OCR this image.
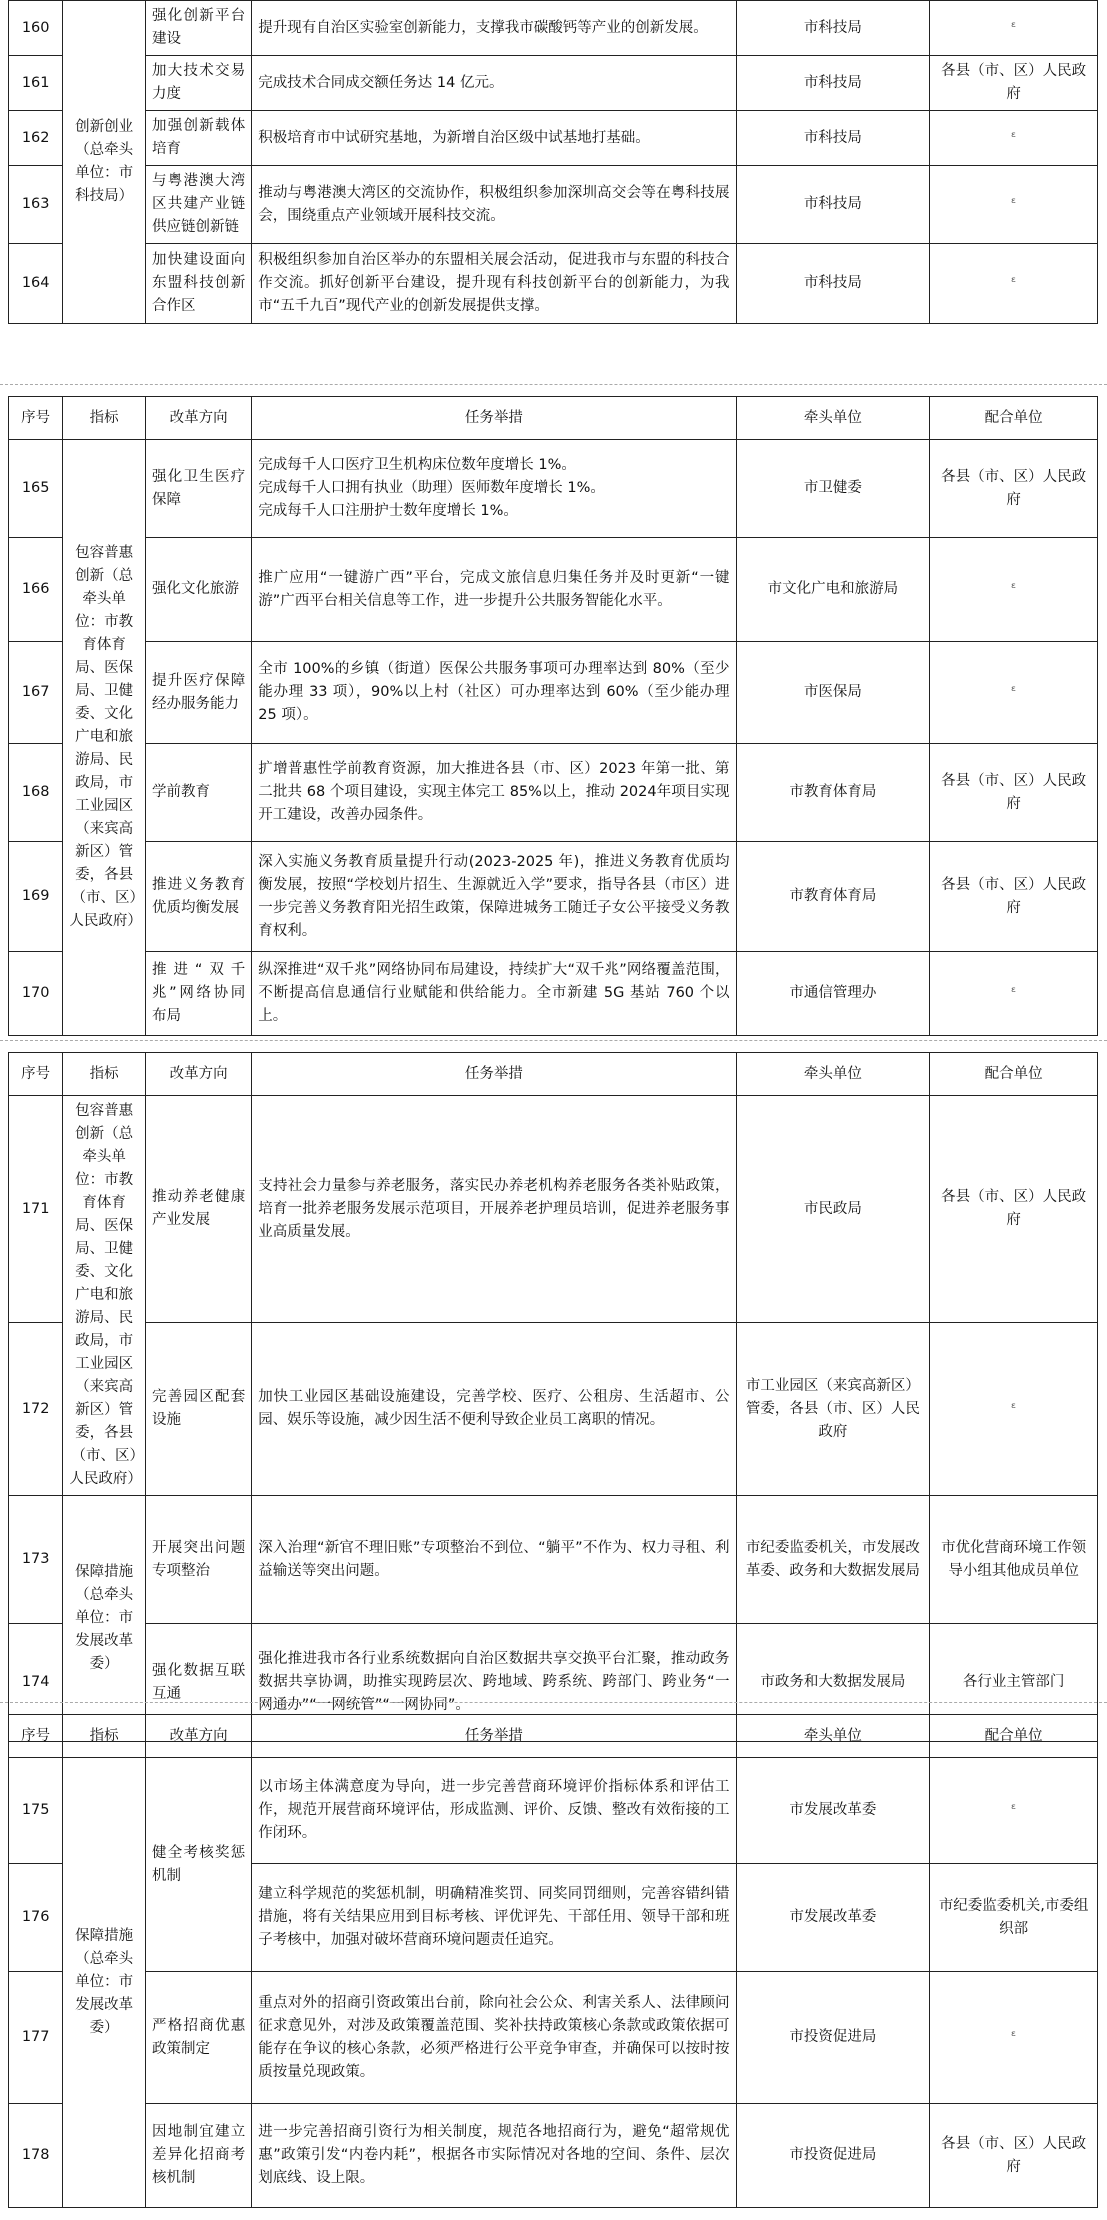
160	创新创业（总牵头单位：市科技局）	强化创新平台建设	提升现有自治区实验室创新能力，支撑我市碳酸钙等产业的创新发展。	市科技局	ᵋ
161		加大技术交易力度	完成技术合同成交额任务达 14 亿元。	市科技局	各县（市、区）人民政府
162		加强创新载体培育	积极培育市中试研究基地，为新增自治区级中试基地打基础。	市科技局	ᵋ
163		与粤港澳大湾区共建产业链供应链创新链	推动与粤港澳大湾区的交流协作，积极组织参加深圳高交会等在粤科技展会，围绕重点产业领域开展科技交流。	市科技局	ᵋ
164		加快建设面向东盟科技创新合作区	积极组织参加自治区举办的东盟相关展会活动，促进我市与东盟的科技合作交流。抓好创新平台建设，提升现有科技创新平台的创新能力，为我市“五千九百”现代产业的创新发展提供支撑。	市科技局	ᵋ
序号	指标	改革方向	任务举措	牵头单位	配合单位
165	包容普惠创新（总牵头单位：市教育体育局、医保局、卫健委、文化广电和旅游局、民政局，市工业园区（来宾高新区）管委，各县（市、区）人民政府）	强化卫生医疗保障	完成每千人口医疗卫生机构床位数年度增长 1%。
完成每千人口拥有执业（助理）医师数年度增长 1%。
完成每千人口注册护士数年度增长 1%。	市卫健委	各县（市、区）人民政府
166		强化文化旅游	推广应用“一键游广西”平台，完成文旅信息归集任务并及时更新“一键游”广西平台相关信息等工作，进一步提升公共服务智能化水平。	市文化广电和旅游局	ᵋ
167		提升医疗保障经办服务能力	全市 100%的乡镇（街道）医保公共服务事项可办理率达到 80%（至少能办理 33 项），90%以上村（社区）可办理率达到 60%（至少能办理 25 项）。	市医保局	ᵋ
168		学前教育	扩增普惠性学前教育资源，加大推进各县（市、区）2023 年第一批、第二批共 68 个项目建设，实现主体完工 85%以上，推动 2024年项目实现开工建设，改善办园条件。	市教育体育局	各县（市、区）人民政府
169		推进义务教育优质均衡发展	深入实施义务教育质量提升行动(2023-2025 年)，推进义务教育优质均衡发展，按照“学校划片招生、生源就近入学”要求，指导各县（市区）进一步完善义务教育阳光招生政策，保障进城务工随迁子女公平接受义务教育权利。	市教育体育局	各县（市、区）人民政府
170		推进“双千兆”网络协同布局	纵深推进“双千兆”网络协同布局建设，持续扩大“双千兆”网络覆盖范围，不断提高信息通信行业赋能和供给能力。全市新建 5G 基站 760 个以上。	市通信管理办	ᵋ
序号	指标	改革方向	任务举措	牵头单位	配合单位
171	包容普惠创新（总牵头单位：市教育体育局、医保局、卫健委、文化广电和旅游局、民政局，市工业园区（来宾高新区）管委，各县（市、区）人民政府）	推动养老健康产业发展	支持社会力量参与养老服务，落实民办养老机构养老服务各类补贴政策，培育一批养老服务发展示范项目，开展养老护理员培训，促进养老服务事业高质量发展。	市民政局	各县（市、区）人民政府
172		完善园区配套设施	加快工业园区基础设施建设，完善学校、医疗、公租房、生活超市、公园、娱乐等设施，减少因生活不便利导致企业员工离职的情况。	市工业园区（来宾高新区）管委，各县（市、区）人民政府	ᵋ
173	保障措施（总牵头单位：市发展改革委）	开展突出问题专项整治	深入治理“新官不理旧账”专项整治不到位、“躺平”不作为、权力寻租、利益输送等突出问题。	市纪委监委机关，市发展改革委、政务和大数据发展局	市优化营商环境工作领导小组其他成员单位
174		强化数据互联互通	强化推进我市各行业系统数据向自治区数据共享交换平台汇聚，推动政务数据共享协调，助推实现跨层次、跨地域、跨系统、跨部门、跨业务“一网通办”“一网统管”“一网协同”。	市政务和大数据发展局	各行业主管部门
序号	指标	改革方向	任务举措	牵头单位	配合单位
175	保障措施（总牵头单位：市发展改革委）	健全考核奖惩机制	以市场主体满意度为导向，进一步完善营商环境评价指标体系和评估工作，规范开展营商环境评估，形成监测、评价、反馈、整改有效衔接的工作闭环。	市发展改革委	ᵋ
176			建立科学规范的奖惩机制，明确精准奖罚、同奖同罚细则，完善容错纠错措施，将有关结果应用到目标考核、评优评先、干部任用、领导干部和班子考核中，加强对破坏营商环境问题责任追究。	市发展改革委	市纪委监委机关,市委组织部
177		严格招商优惠政策制定	重点对外的招商引资政策出台前，除向社会公众、利害关系人、法律顾问征求意见外，对涉及政策覆盖范围、奖补扶持政策核心条款或政策依据可能存在争议的核心条款，必须严格进行公平竞争审查，并确保可以按时按质按量兑现政策。	市投资促进局	ᵋ
178		因地制宜建立差异化招商考核机制	进一步完善招商引资行为相关制度，规范各地招商行为，避免“超常规优惠”政策引发“内卷内耗”，根据各市实际情况对各地的空间、条件、层次划底线、设上限。	市投资促进局	各县（市、区）人民政府
